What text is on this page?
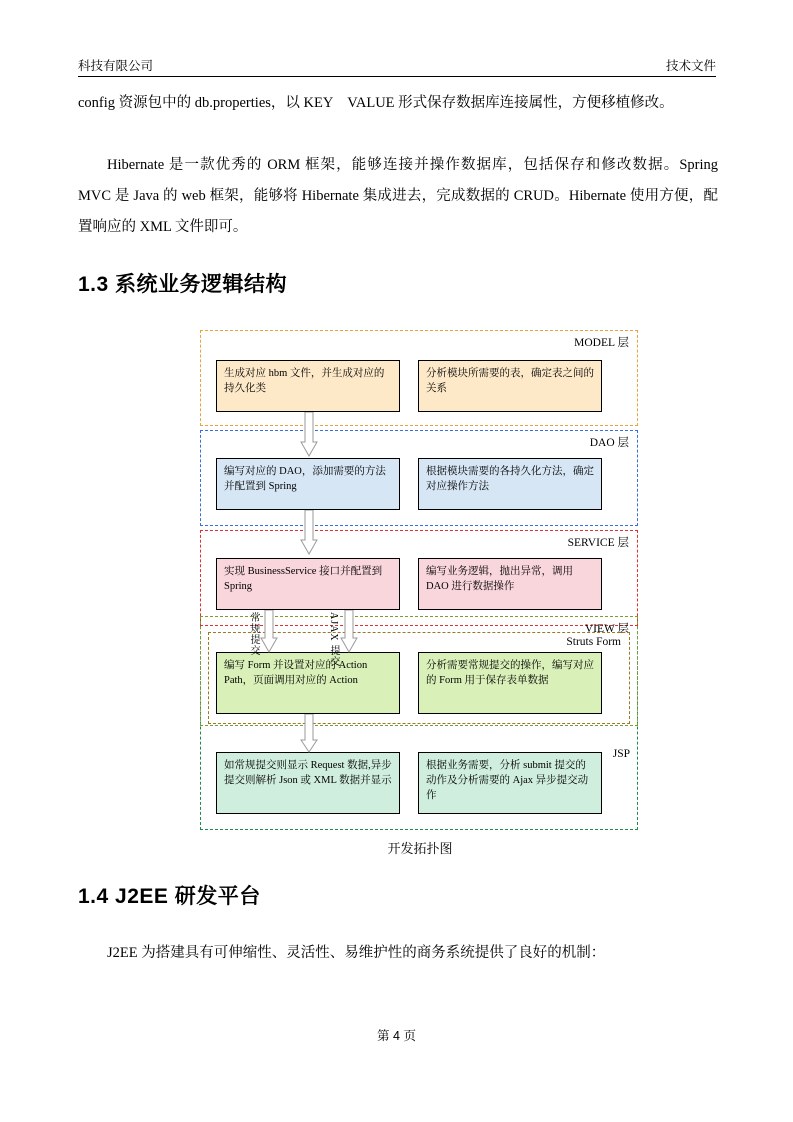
科技有限公司	技术文件
config 资源包中的 db.properties，以 KEY　VALUE 形式保存数据库连接属性，方便移植修改。
Hibernate 是一款优秀的 ORM 框架，能够连接并操作数据库，包括保存和修改数据。Spring MVC 是 Java 的 web 框架，能够将 Hibernate 集成进去，完成数据的 CRUD。Hibernate 使用方便，配置响应的 XML 文件即可。
1.3 系统业务逻辑结构
MODEL 层
生成对应 hbm 文件，并生成对应的持久化类
分析模块所需要的表，确定表之间的关系
DAO 层
编写对应的 DAO，添加需要的方法并配置到 Spring
根据模块需要的各持久化方法，确定对应操作方法
SERVICE 层
实现 BusinessService 接口并配置到 Spring
编写业务逻辑，抛出异常，调用 DAO 进行数据操作
JSP
VIEW 层
Struts Form
编写 Form 并设置对应的 Action Path，页面调用对应的 Action
分析需要常规提交的操作，编写对应的 Form 用于保存表单数据
如常规提交则显示 Request 数据,异步提交则解析 Json 或 XML 数据并显示
根据业务需要，分析 submit 提交的动作及分析需要的 Ajax 异步提交动作
常规提交	AJAX 提交
开发拓扑图
1.4 J2EE 研发平台
J2EE 为搭建具有可伸缩性、灵活性、易维护性的商务系统提供了良好的机制：
第 4 页
